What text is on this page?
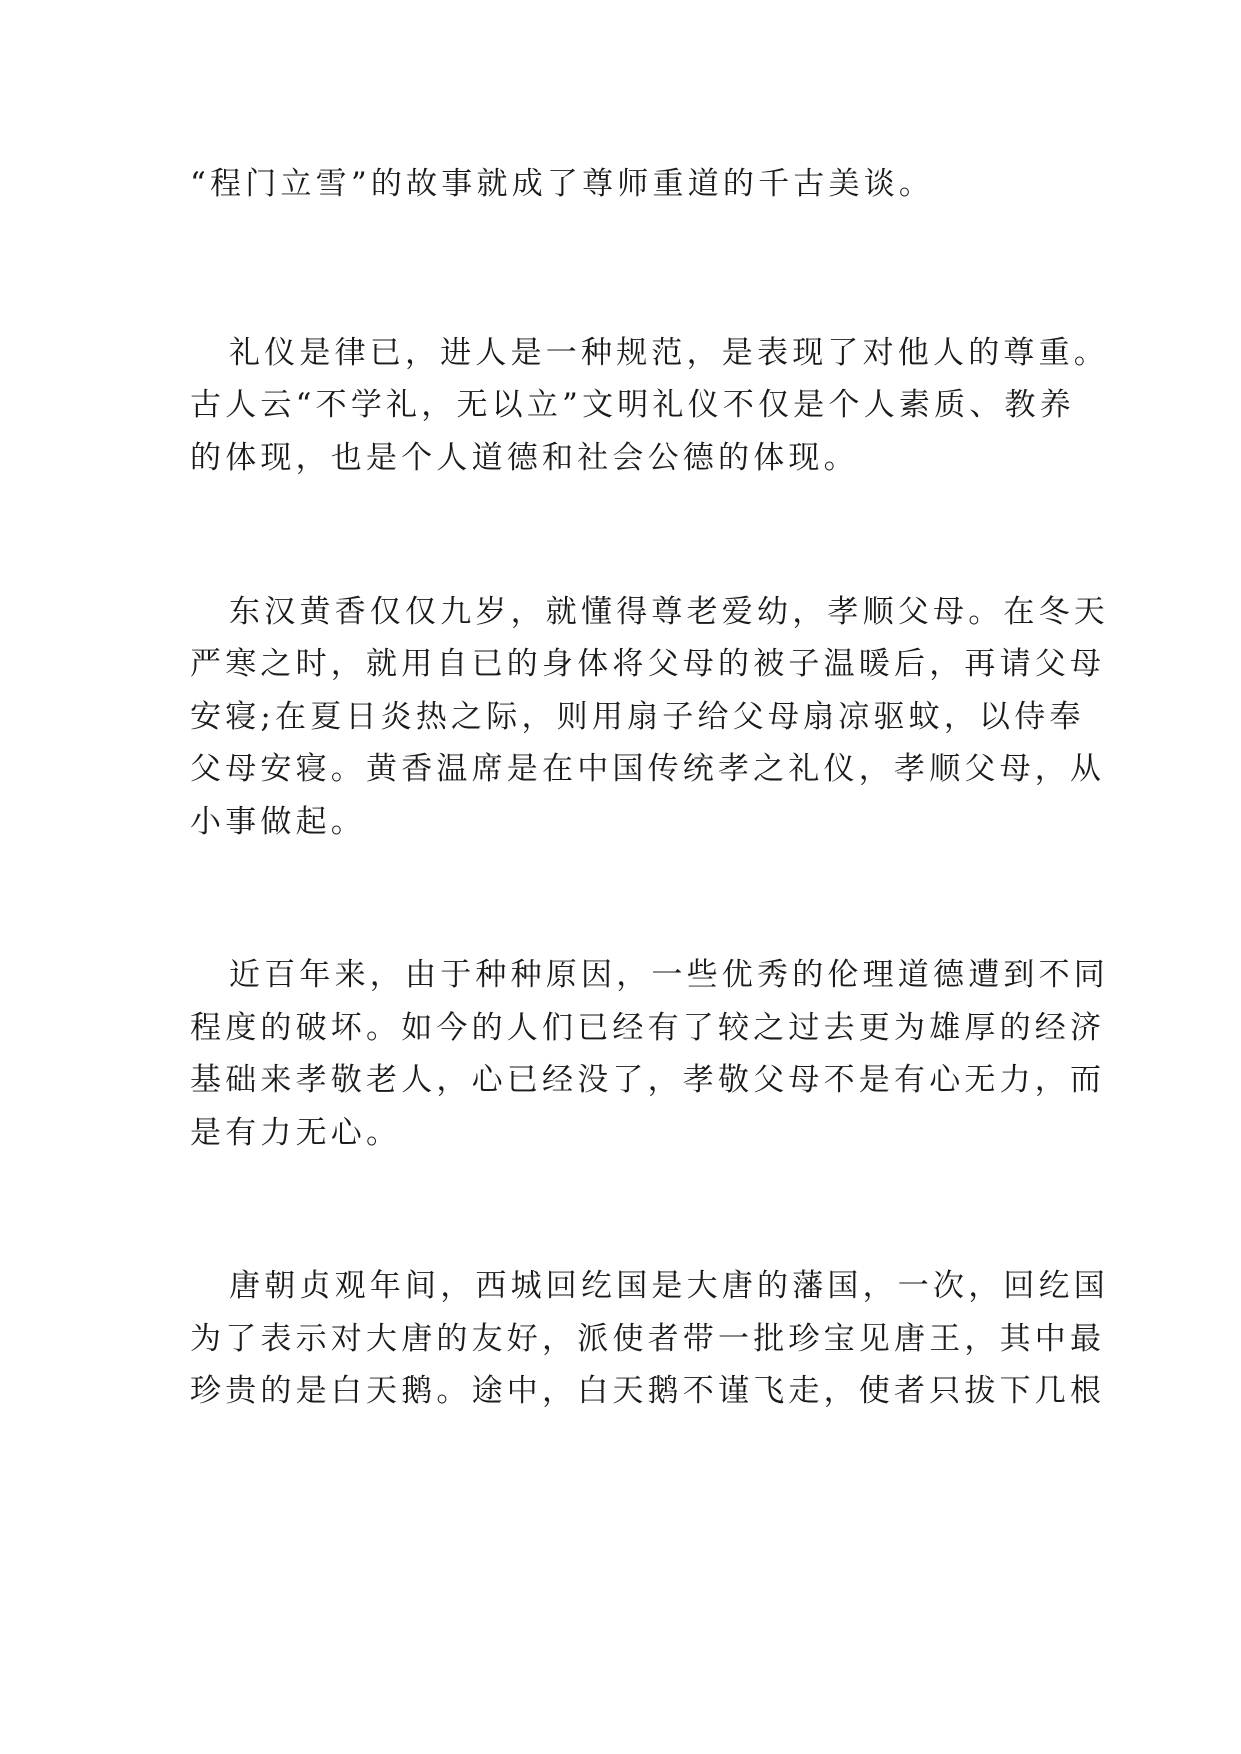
“程门立雪”的故事就成了尊师重道的千古美谈。
礼仪是律已，进人是一种规范，是表现了对他人的尊重。
古人云“不学礼，无以立”文明礼仪不仅是个人素质、教养
的体现，也是个人道德和社会公德的体现。
东汉黄香仅仅九岁，就懂得尊老爱幼，孝顺父母。在冬天
严寒之时，就用自已的身体将父母的被子温暖后，再请父母
安寝;在夏日炎热之际，则用扇子给父母扇凉驱蚊，以侍奉
父母安寝。黄香温席是在中国传统孝之礼仪，孝顺父母，从
小事做起。
近百年来，由于种种原因，一些优秀的伦理道德遭到不同
程度的破坏。如今的人们已经有了较之过去更为雄厚的经济
基础来孝敬老人，心已经没了，孝敬父母不是有心无力，而
是有力无心。
唐朝贞观年间，西城回纥国是大唐的藩国，一次，回纥国
为了表示对大唐的友好，派使者带一批珍宝见唐王，其中最
珍贵的是白天鹅。途中，白天鹅不谨飞走，使者只拔下几根
